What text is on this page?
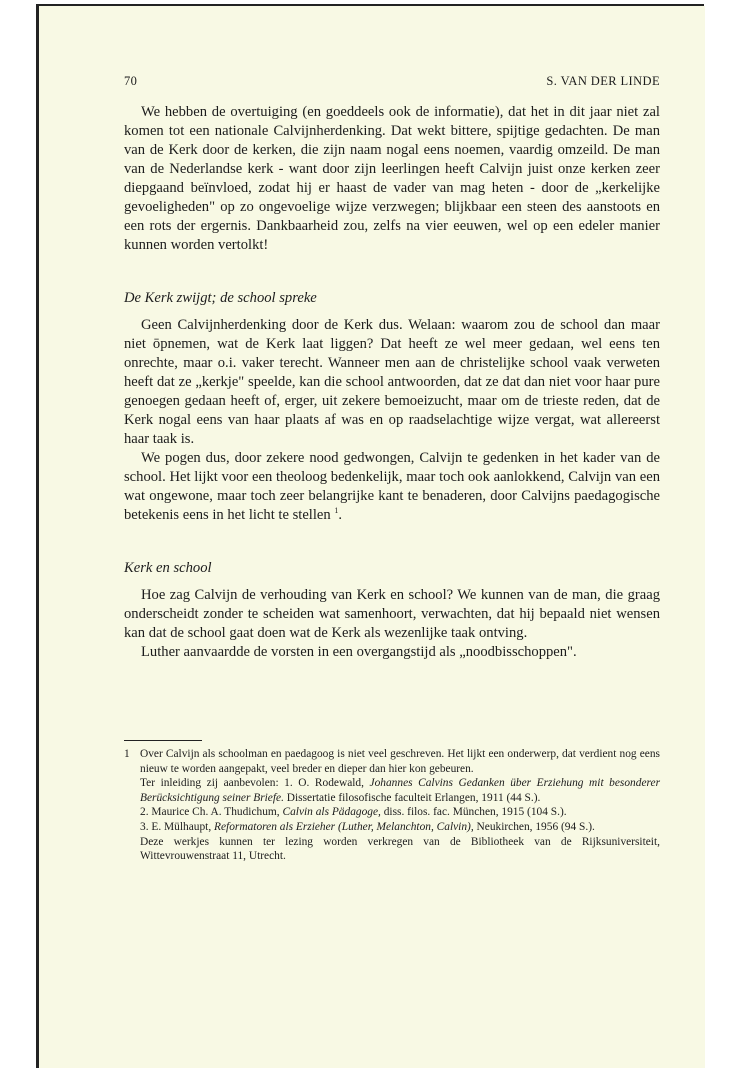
70	S. VAN DER LINDE

We hebben de overtuiging (en goeddeels ook de informatie), dat het in dit jaar niet zal komen tot een nationale Calvijnherdenking. Dat wekt bittere, spijtige gedachten. De man van de Kerk door de kerken, die zijn naam nogal eens noemen, vaardig omzeild. De man van de Nederlandse kerk - want door zijn leerlingen heeft Calvijn juist onze kerken zeer diepgaand beïnvloed, zodat hij er haast de vader van mag heten - door de „kerkelijke gevoeligheden" op zo ongevoelige wijze verzwegen; blijkbaar een steen des aanstoots en een rots der ergernis. Dankbaarheid zou, zelfs na vier eeuwen, wel op een edeler manier kunnen worden vertolkt!

De Kerk zwijgt; de school spreke

Geen Calvijnherdenking door de Kerk dus. Welaan: waarom zou de school dan maar niet ōpnemen, wat de Kerk laat liggen? Dat heeft ze wel meer gedaan, wel eens ten onrechte, maar o.i. vaker terecht. Wanneer men aan de christelijke school vaak verweten heeft dat ze „kerkje" speelde, kan die school antwoorden, dat ze dat dan niet voor haar pure genoegen gedaan heeft of, erger, uit zekere bemoeizucht, maar om de trieste reden, dat de Kerk nogal eens van haar plaats af was en op raadselachtige wijze vergat, wat allereerst haar taak is.

We pogen dus, door zekere nood gedwongen, Calvijn te gedenken in het kader van de school. Het lijkt voor een theoloog bedenkelijk, maar toch ook aanlokkend, Calvijn van een wat ongewone, maar toch zeer belangrijke kant te benaderen, door Calvijns paedagogische betekenis eens in het licht te stellen $^1$.

Kerk en school

Hoe zag Calvijn de verhouding van Kerk en school? We kunnen van de man, die graag onderscheidt zonder te scheiden wat samenhoort, verwachten, dat hij bepaald niet wensen kan dat de school gaat doen wat de Kerk als wezenlijke taak ontving.

Luther aanvaardde de vorsten in een overgangstijd als „noodbisschoppen".

1 Over Calvijn als schoolman en paedagoog is niet veel geschreven. Het lijkt een onderwerp, dat verdient nog eens nieuw te worden aangepakt, veel breder en dieper dan hier kon gebeuren.

Ter inleiding zij aanbevolen: 1. O. Rodewald, Johannes Calvins Gedanken über Erziehung mit besonderer Berücksichtigung seiner Briefe. Dissertatie filosofische faculteit Erlangen, 1911 (44 S.).

2. Maurice Ch. A. Thudichum, Calvin als Pädagoge, diss. filos. fac. München, 1915 (104 S.).

3. E. Mülhaupt, Reformatoren als Erzieher (Luther, Melanchton, Calvin), Neukirchen, 1956 (94 S.).

Deze werkjes kunnen ter lezing worden verkregen van de Bibliotheek van de Rijksuniversiteit, Wittevrouwenstraat 11, Utrecht.
